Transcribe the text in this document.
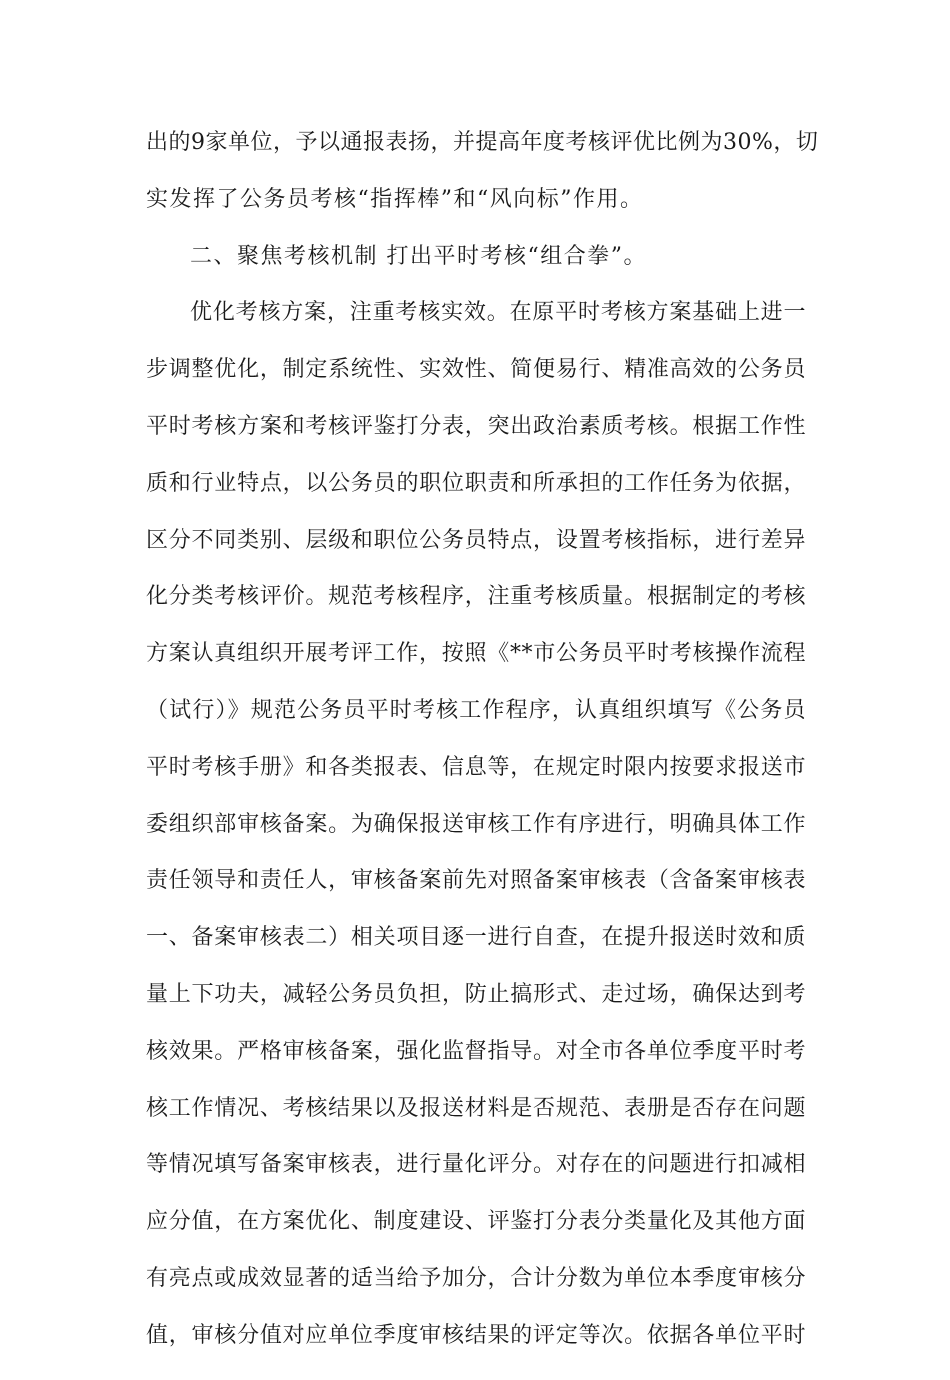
出的9家单位，予以通报表扬，并提高年度考核评优比例为30%，切
实发挥了公务员考核“指挥棒”和“风向标”作用。
二、聚焦考核机制 打出平时考核“组合拳”。
优化考核方案，注重考核实效。在原平时考核方案基础上进一
步调整优化，制定系统性、实效性、简便易行、精准高效的公务员
平时考核方案和考核评鉴打分表，突出政治素质考核。根据工作性
质和行业特点，以公务员的职位职责和所承担的工作任务为依据，
区分不同类别、层级和职位公务员特点，设置考核指标，进行差异
化分类考核评价。规范考核程序，注重考核质量。根据制定的考核
方案认真组织开展考评工作，按照《**市公务员平时考核操作流程
（试行）》规范公务员平时考核工作程序，认真组织填写《公务员
平时考核手册》和各类报表、信息等，在规定时限内按要求报送市
委组织部审核备案。为确保报送审核工作有序进行，明确具体工作
责任领导和责任人，审核备案前先对照备案审核表（含备案审核表
一、备案审核表二）相关项目逐一进行自查，在提升报送时效和质
量上下功夫，减轻公务员负担，防止搞形式、走过场，确保达到考
核效果。严格审核备案，强化监督指导。对全市各单位季度平时考
核工作情况、考核结果以及报送材料是否规范、表册是否存在问题
等情况填写备案审核表，进行量化评分。对存在的问题进行扣减相
应分值，在方案优化、制度建设、评鉴打分表分类量化及其他方面
有亮点或成效显著的适当给予加分，合计分数为单位本季度审核分
值，审核分值对应单位季度审核结果的评定等次。依据各单位平时
